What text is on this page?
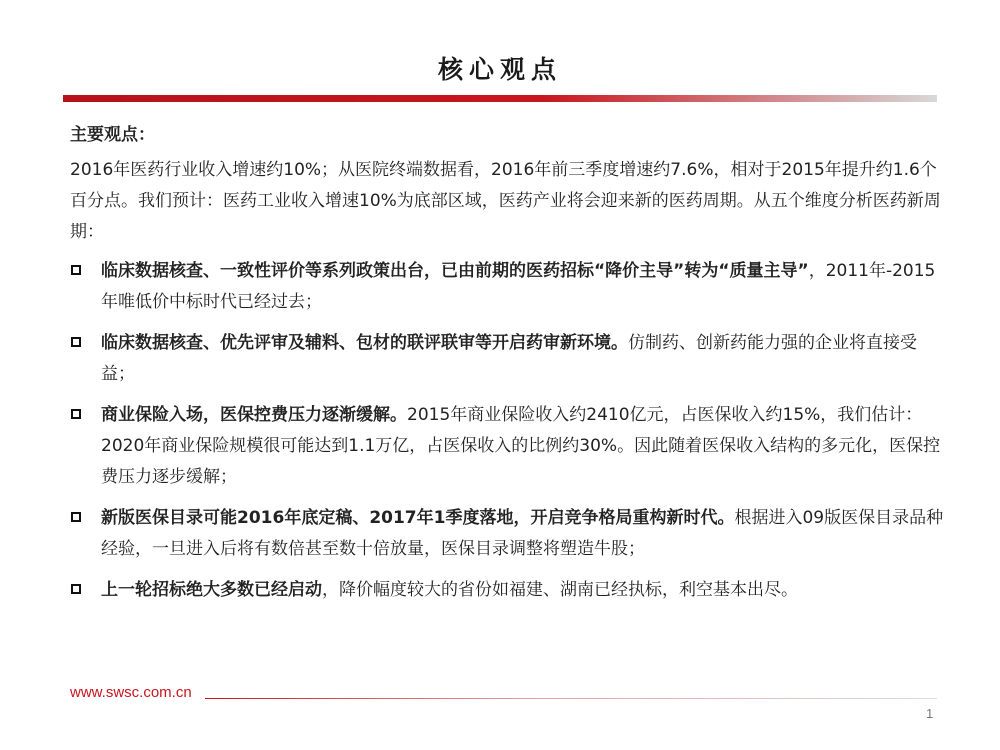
核心观点
主要观点：
2016年医药行业收入增速约10%；从医院终端数据看，2016年前三季度增速约7.6%，相对于2015年提升约1.6个百分点。我们预计：医药工业收入增速10%为底部区域，医药产业将会迎来新的医药周期。从五个维度分析医药新周期：
临床数据核查、一致性评价等系列政策出台，已由前期的医药招标“降价主导”转为“质量主导”，2011年-2015年唯低价中标时代已经过去；
临床数据核查、优先评审及辅料、包材的联评联审等开启药审新环境。仿制药、创新药能力强的企业将直接受益；
商业保险入场，医保控费压力逐渐缓解。2015年商业保险收入约2410亿元，占医保收入约15%，我们估计：2020年商业保险规模很可能达到1.1万亿，占医保收入的比例约30%。因此随着医保收入结构的多元化，医保控费压力逐步缓解；
新版医保目录可能2016年底定稿、2017年1季度落地，开启竞争格局重构新时代。根据进入09版医保目录品种经验，一旦进入后将有数倍甚至数十倍放量，医保目录调整将塑造牛股；
上一轮招标绝大多数已经启动，降价幅度较大的省份如福建、湖南已经执标，利空基本出尽。
www.swsc.com.cn
1
